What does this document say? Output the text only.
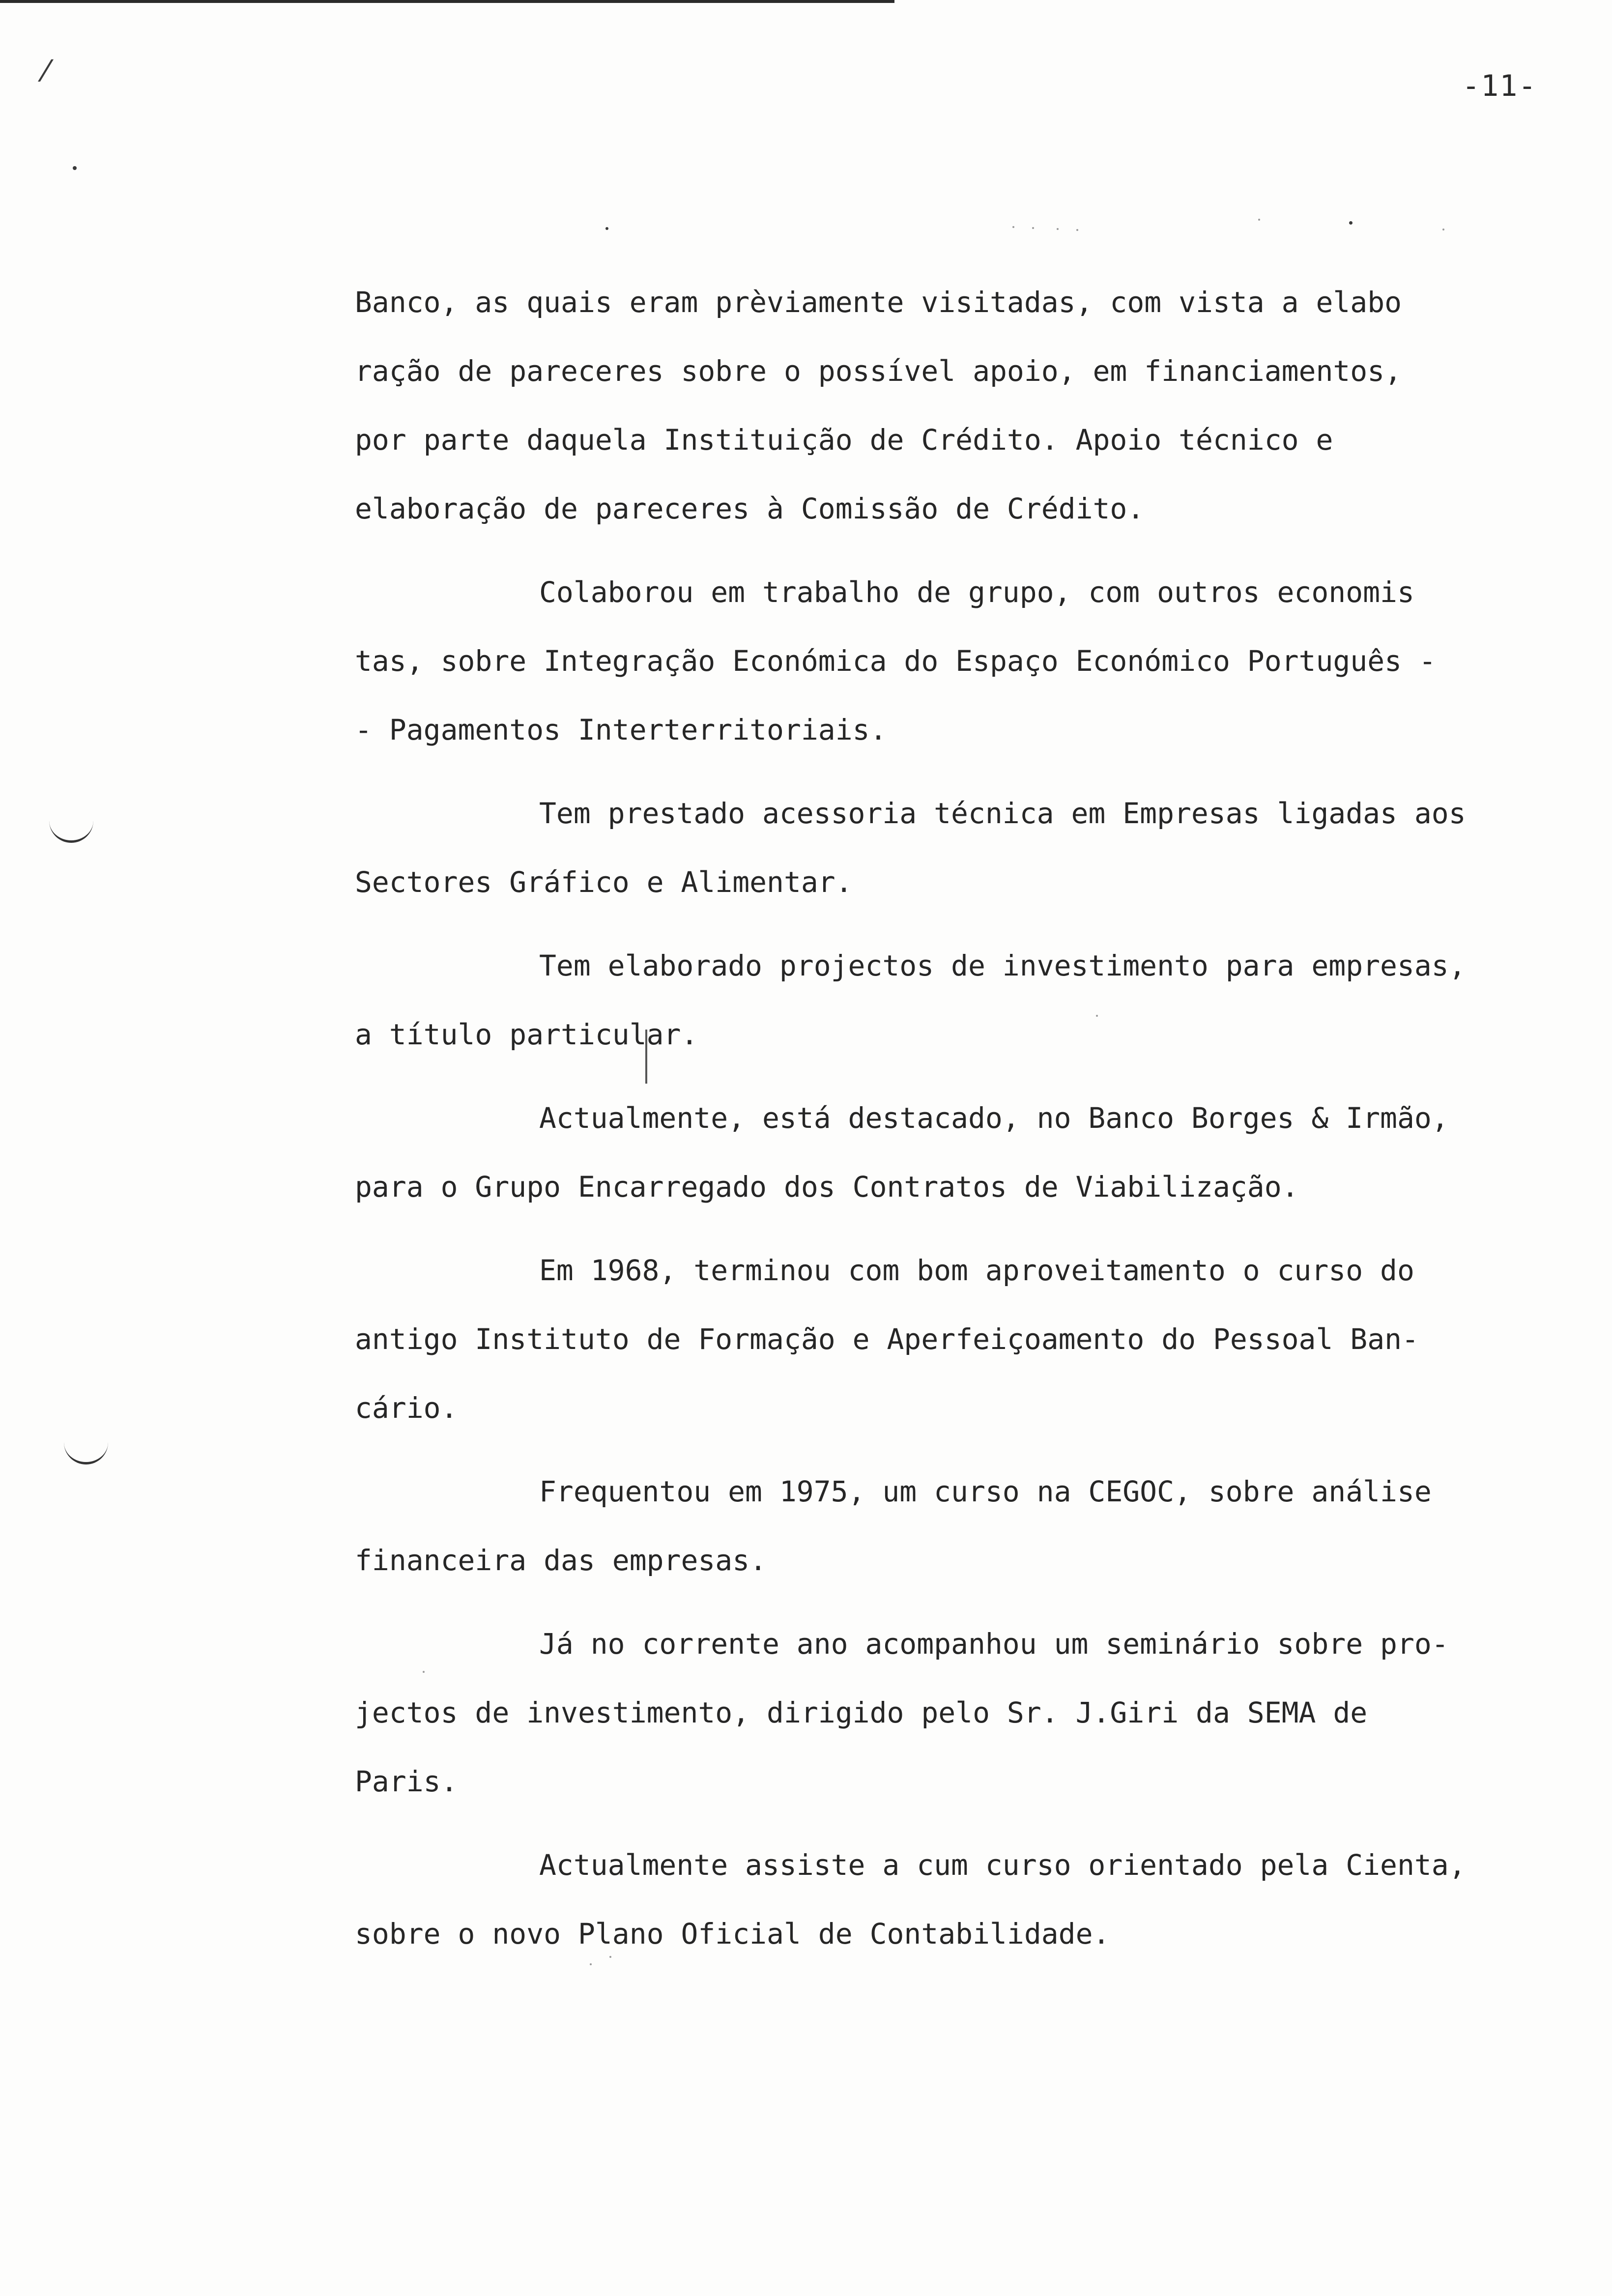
-11-
⁄
Banco, as quais eram prèviamente visitadas, com vista a elabo
ração de pareceres sobre o possível apoio, em financiamentos,
por parte daquela Instituição de Crédito. Apoio técnico e
elaboração de pareceres à Comissão de Crédito.
Colaborou em trabalho de grupo, com outros economis
tas, sobre Integração Económica do Espaço Económico Português -
- Pagamentos Interterritoriais.
Tem prestado acessoria técnica em Empresas ligadas aos
Sectores Gráfico e Alimentar.
Tem elaborado projectos de investimento para empresas,
a título particular.
Actualmente, está destacado, no Banco Borges & Irmão,
para o Grupo Encarregado dos Contratos de Viabilização.
Em 1968, terminou com bom aproveitamento o curso do
antigo Instituto de Formação e Aperfeiçoamento do Pessoal Ban-
cário.
Frequentou em 1975, um curso na CEGOC, sobre análise
financeira das empresas.
Já no corrente ano acompanhou um seminário sobre pro-
jectos de investimento, dirigido pelo Sr. J.Giri da SEMA de
Paris.
Actualmente assiste a cum curso orientado pela Cienta,
sobre o novo Plano Oficial de Contabilidade.
